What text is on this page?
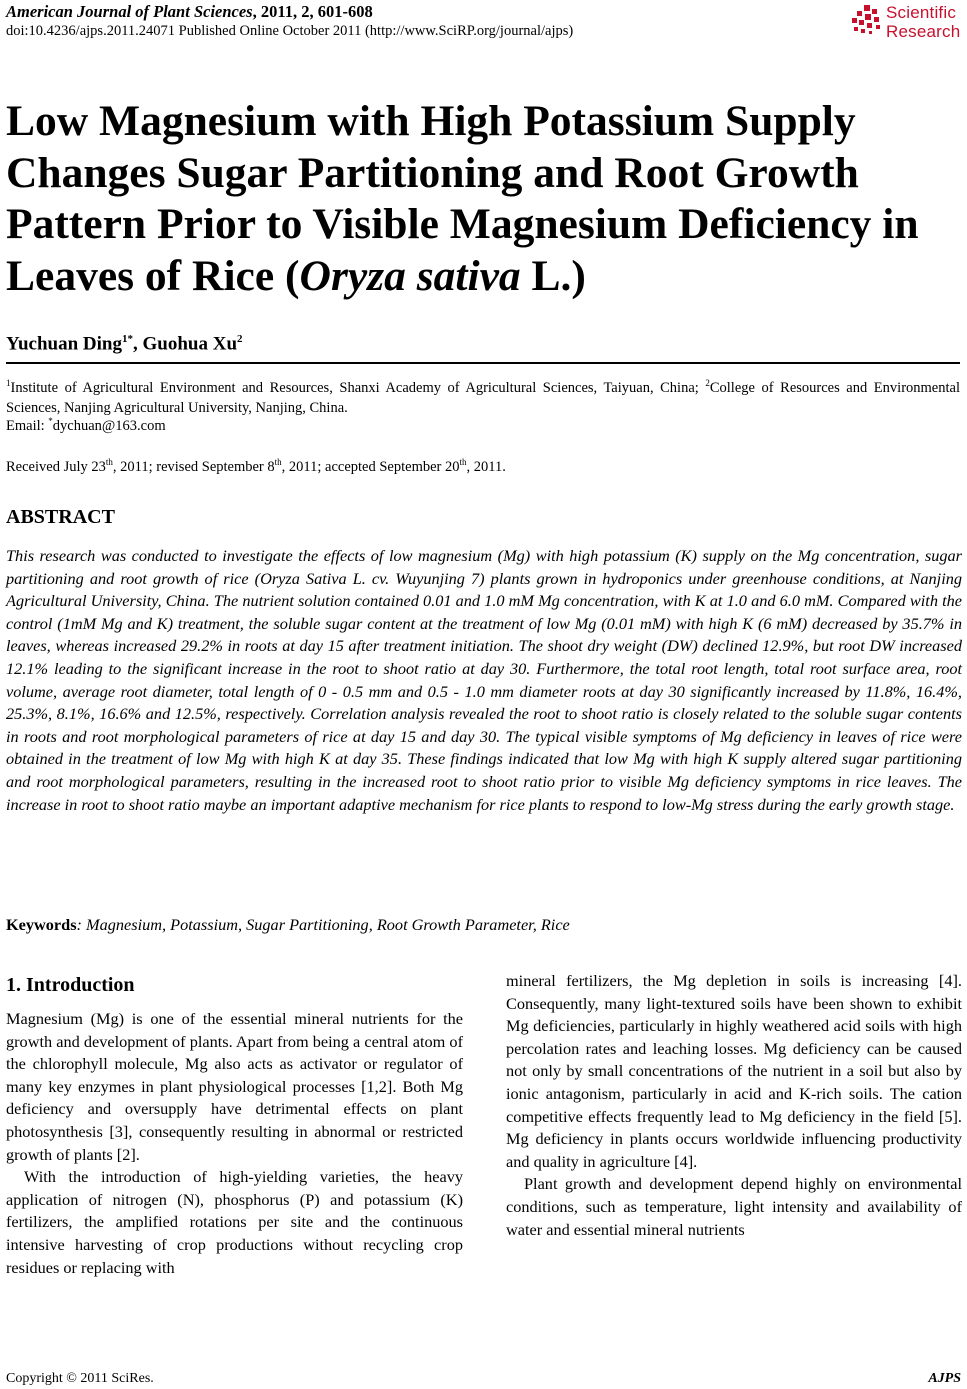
American Journal of Plant Sciences, 2011, 2, 601-608
doi:10.4236/ajps.2011.24071 Published Online October 2011 (http://www.SciRP.org/journal/ajps)
Scientific
Research
Low Magnesium with High Potassium Supply
Changes Sugar Partitioning and Root Growth
Pattern Prior to Visible Magnesium Deficiency in
Leaves of Rice (Oryza sativa L.)
Yuchuan Ding$^{1*}$, Guohua Xu$^2$
$^1$Institute of Agricultural Environment and Resources, Shanxi Academy of Agricultural Sciences, Taiyuan, China; $^2$College of Resources and Environmental Sciences, Nanjing Agricultural University, Nanjing, China.
Email: *dychuan@163.com
Received July 23th, 2011; revised September 8th, 2011; accepted September 20th, 2011.
ABSTRACT
This research was conducted to investigate the effects of low magnesium (Mg) with high potassium (K) supply on the Mg concentration, sugar partitioning and root growth of rice (Oryza Sativa L. cv. Wuyunjing 7) plants grown in hydroponics under greenhouse conditions, at Nanjing Agricultural University, China. The nutrient solution contained 0.01 and 1.0 mM Mg concentration, with K at 1.0 and 6.0 mM. Compared with the control (1mM Mg and K) treatment, the soluble sugar content at the treatment of low Mg (0.01 mM) with high K (6 mM) decreased by 35.7% in leaves, whereas increased 29.2% in roots at day 15 after treatment initiation. The shoot dry weight (DW) declined 12.9%, but root DW increased 12.1% leading to the significant increase in the root to shoot ratio at day 30. Furthermore, the total root length, total root surface area, root volume, average root diameter, total length of 0 - 0.5 mm and 0.5 - 1.0 mm diameter roots at day 30 significantly increased by 11.8%, 16.4%, 25.3%, 8.1%, 16.6% and 12.5%, respectively. Correlation analysis revealed the root to shoot ratio is closely related to the soluble sugar contents in roots and root morphological parameters of rice at day 15 and day 30. The typical visible symptoms of Mg deficiency in leaves of rice were obtained in the treatment of low Mg with high K at day 35. These findings indicated that low Mg with high K supply altered sugar partitioning and root morphological parameters, resulting in the increased root to shoot ratio prior to visible Mg deficiency symptoms in rice leaves. The increase in root to shoot ratio maybe an important adaptive mechanism for rice plants to respond to low-Mg stress during the early growth stage.
Keywords: Magnesium, Potassium, Sugar Partitioning, Root Growth Parameter, Rice
1. Introduction
Magnesium (Mg) is one of the essential mineral nutrients for the growth and development of plants. Apart from being a central atom of the chlorophyll molecule, Mg also acts as activator or regulator of many key enzymes in plant physiological processes [1,2]. Both Mg deficiency and oversupply have detrimental effects on plant photosynthesis [3], consequently resulting in abnormal or restricted growth of plants [2].
With the introduction of high-yielding varieties, the heavy application of nitrogen (N), phosphorus (P) and potassium (K) fertilizers, the amplified rotations per site and the continuous intensive harvesting of crop productions without recycling crop residues or replacing with
mineral fertilizers, the Mg depletion in soils is increasing [4]. Consequently, many light-textured soils have been shown to exhibit Mg deficiencies, particularly in highly weathered acid soils with high percolation rates and leaching losses. Mg deficiency can be caused not only by small concentrations of the nutrient in a soil but also by ionic antagonism, particularly in acid and K-rich soils. The cation competitive effects frequently lead to Mg deficiency in the field [5]. Mg deficiency in plants occurs worldwide influencing productivity and quality in agriculture [4].
Plant growth and development depend highly on environmental conditions, such as temperature, light intensity and availability of water and essential mineral nutrients
Copyright © 2011 SciRes.	AJPS
